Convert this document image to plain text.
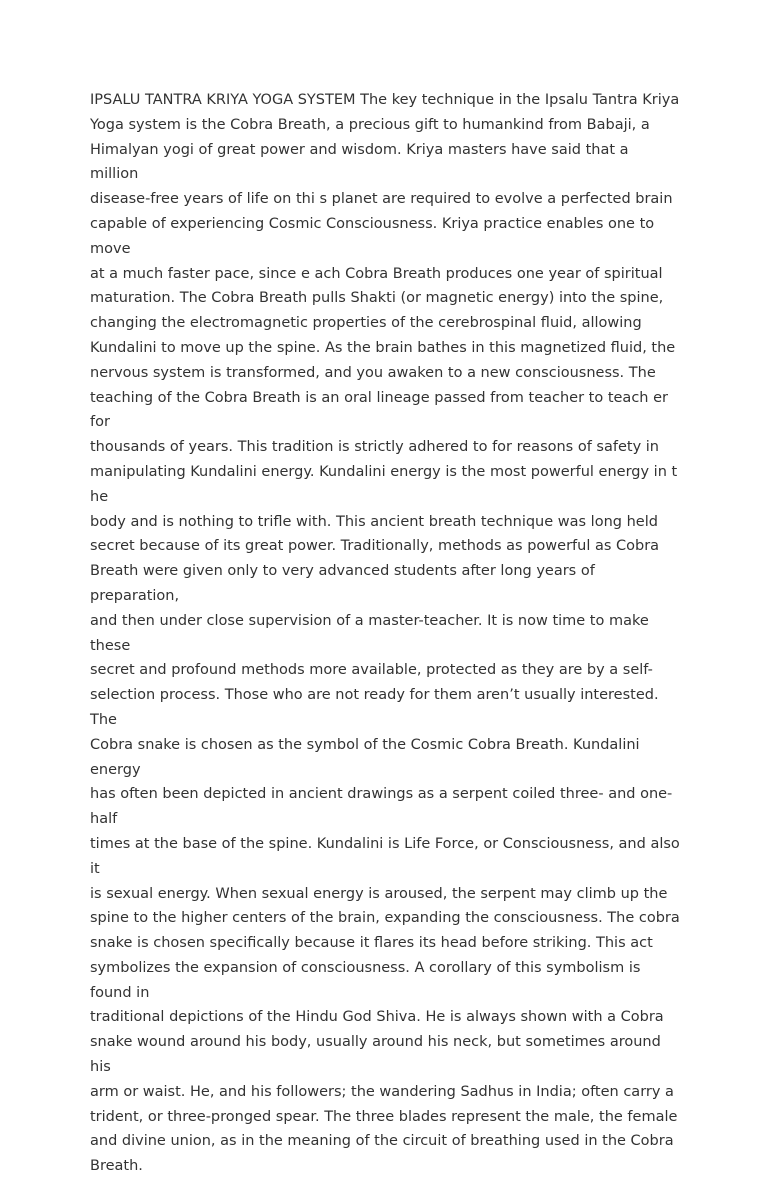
IPSALU TANTRA KRIYA YOGA SYSTEM The key technique in the Ipsalu Tantra Kriya
Yoga system is the Cobra Breath, a precious gift to humankind from Babaji, a
Himalyan yogi of great power and wisdom. Kriya masters have said that a million
disease-free years of life on thi s planet are required to evolve a perfected brain
capable of experiencing Cosmic Consciousness. Kriya practice enables one to move
at a much faster pace, since e ach Cobra Breath produces one year of spiritual
maturation. The Cobra Breath pulls Shakti (or magnetic energy) into the spine,
changing the electromagnetic properties of the cerebrospinal fluid, allowing
Kundalini to move up the spine. As the brain bathes in this magnetized fluid, the
nervous system is transformed, and you awaken to a new consciousness. The
teaching of the Cobra Breath is an oral lineage passed from teacher to teach er for
thousands of years. This tradition is strictly adhered to for reasons of safety in
manipulating Kundalini energy. Kundalini energy is the most powerful energy in t he
body and is nothing to trifle with. This ancient breath technique was long held
secret because of its great power. Traditionally, methods as powerful as Cobra
Breath were given only to very advanced students after long years of preparation,
and then under close supervision of a master-teacher. It is now time to make these
secret and profound methods more available, protected as they are by a self-
selection process. Those who are not ready for them aren’t usually interested. The
Cobra snake is chosen as the symbol of the Cosmic Cobra Breath. Kundalini energy
has often been depicted in ancient drawings as a serpent coiled three- and one-half
times at the base of the spine. Kundalini is Life Force, or Consciousness, and also it
is sexual energy. When sexual energy is aroused, the serpent may climb up the
spine to the higher centers of the brain, expanding the consciousness. The cobra
snake is chosen specifically because it flares its head before striking. This act
symbolizes the expansion of consciousness. A corollary of this symbolism is found in
traditional depictions of the Hindu God Shiva. He is always shown with a Cobra
snake wound around his body, usually around his neck, but sometimes around his
arm or waist. He, and his followers; the wandering Sadhus in India; often carry a
trident, or three-pronged spear. The three blades represent the male, the female
and divine union, as in the meaning of the circuit of breathing used in the Cobra
Breath.
